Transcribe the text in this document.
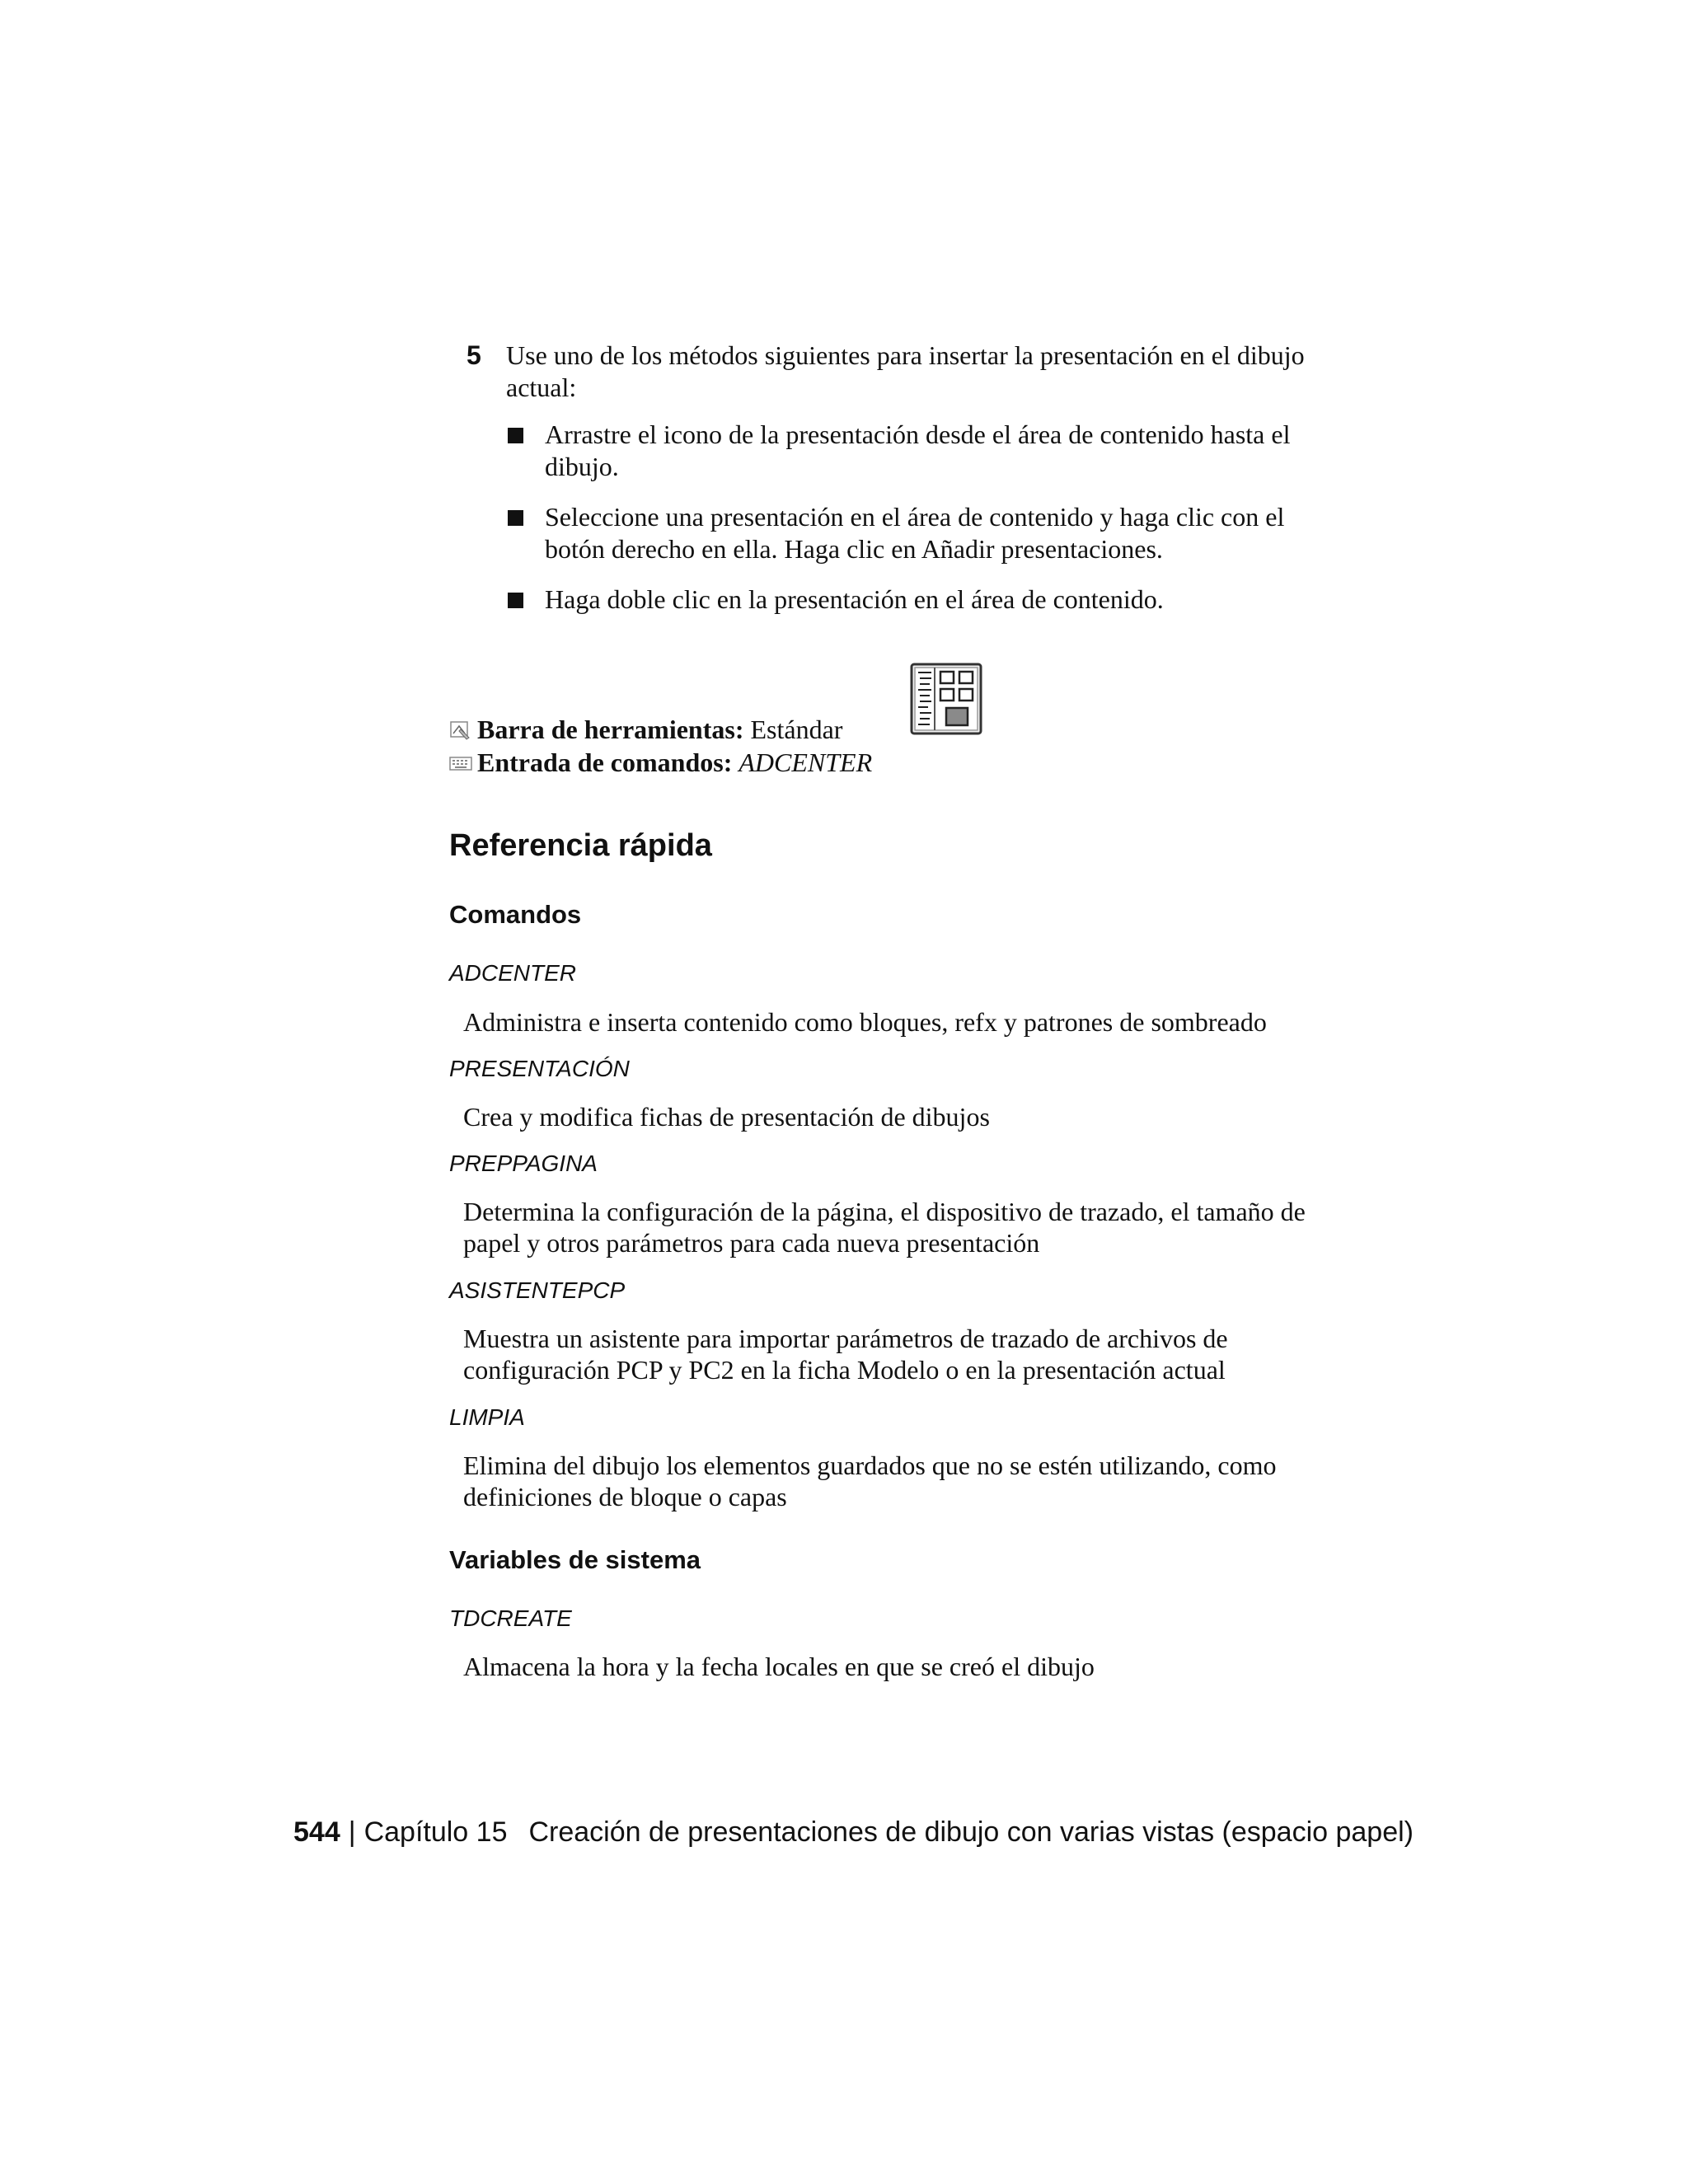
5 Use uno de los métodos siguientes para insertar la presentación en el dibujo actual:
Arrastre el icono de la presentación desde el área de contenido hasta el dibujo.
Seleccione una presentación en el área de contenido y haga clic con el botón derecho en ella. Haga clic en Añadir presentaciones.
Haga doble clic en la presentación en el área de contenido.
Barra de herramientas: Estándar
Entrada de comandos: ADCENTER
Referencia rápida
Comandos
ADCENTER
Administra e inserta contenido como bloques, refx y patrones de sombreado
PRESENTACIÓN
Crea y modifica fichas de presentación de dibujos
PREPPAGINA
Determina la configuración de la página, el dispositivo de trazado, el tamaño de papel y otros parámetros para cada nueva presentación
ASISTENTEPCP
Muestra un asistente para importar parámetros de trazado de archivos de configuración PCP y PC2 en la ficha Modelo o en la presentación actual
LIMPIA
Elimina del dibujo los elementos guardados que no se estén utilizando, como definiciones de bloque o capas
Variables de sistema
TDCREATE
Almacena la hora y la fecha locales en que se creó el dibujo
544 | Capítulo 15 Creación de presentaciones de dibujo con varias vistas (espacio papel)
